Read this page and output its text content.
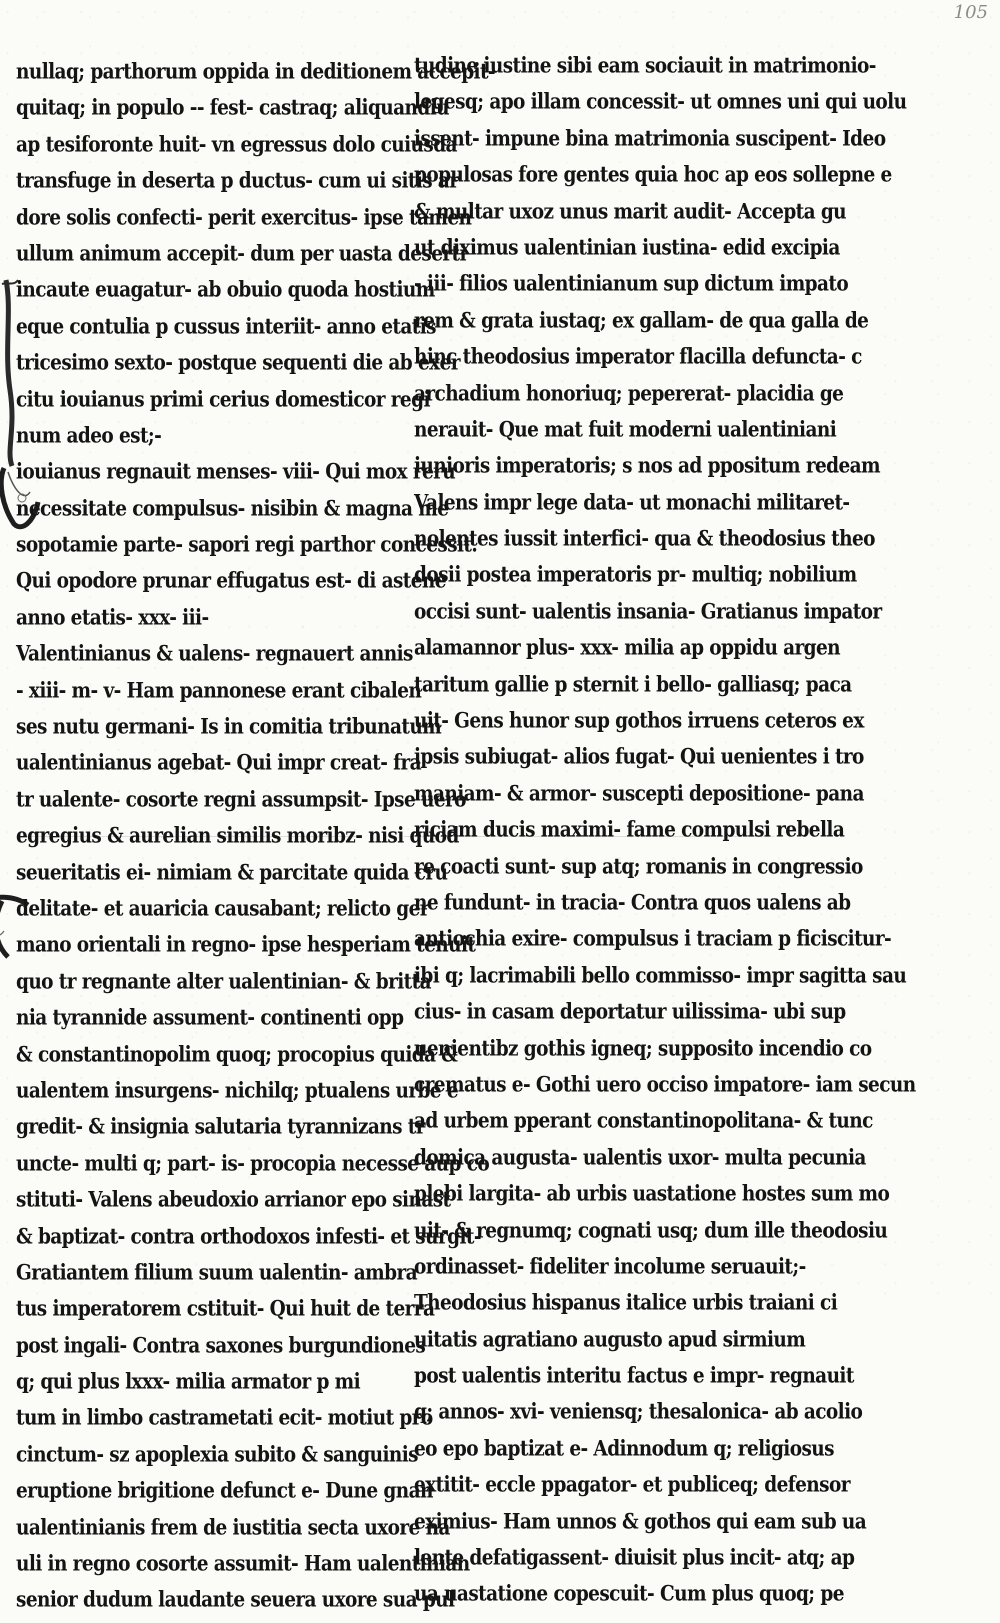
105
nullaq; parthorum oppida in deditionem accepit-
quitaq; in populo -- fest- castraq; aliquandiu
ap tesiforonte huit- vn egressus dolo cuiusda
transfuge in deserta p ductus- cum ui sitis ar
dore solis confecti- perit exercitus- ipse tamen
ullum animum accepit- dum per uasta deserti
incaute euagatur- ab obuio quoda hostium
eque contulia p cussus interiit- anno etatis
tricesimo sexto- postque sequenti die ab exer
citu iouianus primi cerius domesticor regi
num adeo est;-
iouianus regnauit menses- viii- Qui mox reru
necessitate compulsus- nisibin & magna me
sopotamie parte- sapori regi parthor concessit.
Qui opodore prunar effugatus est- di astene
anno etatis- xxx- iii-
Valentinianus & ualens- regnauert annis
- xiii- m- v- Ham pannonese erant cibalen
ses nutu germani- Is in comitia tribunatum
ualentinianus agebat- Qui impr creat- fra
tr ualente- cosorte regni assumpsit- Ipse uero
egregius & aurelian similis moribz- nisi quod
seueritatis ei- nimiam & parcitate quida cru
delitate- et auaricia causabant; relicto ger
mano orientali in regno- ipse hesperiam tenuit
quo tr regnante alter ualentinian- & britta
nia tyrannide assument- continenti opp
& constantinopolim quoq; procopius quida &
ualentem insurgens- nichilq; ptualens urbe e
gredit- & insignia salutaria tyrannizans tr
uncte- multi q; part- is- procopia necesse aup co
stituti- Valens abeudoxio arrianor epo sinast
& baptizat- contra orthodoxos infesti- et surgit-
Gratiantem filium suum ualentin- ambra
tus imperatorem cstituit- Qui huit de terra
post ingali- Contra saxones burgundiones
q; qui plus lxxx- milia armator p mi
tum in limbo castrametati ecit- motiut pro
cinctum- sz apoplexia subito & sanguinis
eruptione brigitione defunct e- Dune gnan
ualentinianis frem de iustitia secta uxore na
uli in regno cosorte assumit- Ham ualentinian
senior dudum laudante seuera uxore sua pul
tudine iustine sibi eam sociauit in matrimonio-
legesq; apo illam concessit- ut omnes uni qui uolu
issent- impune bina matrimonia suscipent- Ideo
populosas fore gentes quia hoc ap eos sollepne e
& multar uxoz unus marit audit- Accepta gu
ut diximus ualentinian iustina- edid excipia
- iii- filios ualentinianum sup dictum impato
rem & grata iustaq; ex gallam- de qua galla de
hinc theodosius imperator flacilla defuncta- c
archadium honoriuq; pepererat- placidia ge
nerauit- Que mat fuit moderni ualentiniani
iunioris imperatoris; s nos ad ppositum redeam
Valens impr lege data- ut monachi militaret-
nolentes iussit interfici- qua & theodosius theo
dosii postea imperatoris pr- multiq; nobilium
occisi sunt- ualentis insania- Gratianus impator
alamannor plus- xxx- milia ap oppidu argen
taritum gallie p sternit i bello- galliasq; paca
uit- Gens hunor sup gothos irruens ceteros ex
ipsis subiugat- alios fugat- Qui uenientes i tro
maniam- & armor- suscepti depositione- pana
riciam ducis maximi- fame compulsi rebella
re coacti sunt- sup atq; romanis in congressio
ne fundunt- in tracia- Contra quos ualens ab
antiochia exire- compulsus i traciam p ficiscitur-
ibi q; lacrimabili bello commisso- impr sagitta sau
cius- in casam deportatur uilissima- ubi sup
uenientibz gothis igneq; supposito incendio co
crematus e- Gothi uero occiso impatore- iam secun
ad urbem pperant constantinopolitana- & tunc
domica augusta- ualentis uxor- multa pecunia
plebi largita- ab urbis uastatione hostes sum mo
uit- & regnumq; cognati usq; dum ille theodosiu
ordinasset- fideliter incolume seruauit;-
Theodosius hispanus italice urbis traiani ci
uitatis agratiano augusto apud sirmium
post ualentis interitu factus e impr- regnauit
q; annos- xvi- veniensq; thesalonica- ab acolio
eo epo baptizat e- Adinnodum q; religiosus
extitit- eccle ppagator- et publiceq; defensor
eximius- Ham unnos & gothos qui eam sub ua
lente defatigassent- diuisit plus incit- atq; ap
ua uastatione copescuit- Cum plus quoq; pe
